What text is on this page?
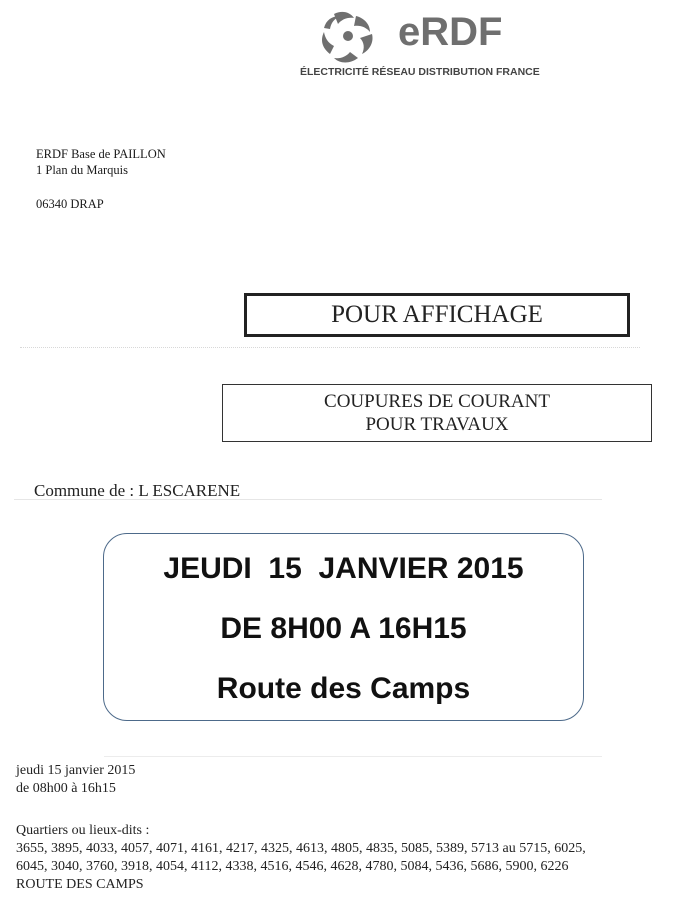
eRDF
ÉLECTRICITÉ RÉSEAU DISTRIBUTION FRANCE
ERDF Base de PAILLON
1 Plan du Marquis
06340 DRAP
POUR AFFICHAGE
COUPURES DE COURANT
POUR TRAVAUX
Commune de : L ESCARENE
JEUDI  15  JANVIER 2015
DE 8H00 A 16H15
Route des Camps
jeudi 15 janvier 2015
de 08h00 à 16h15
Quartiers ou lieux-dits :
3655, 3895, 4033, 4057, 4071, 4161, 4217, 4325, 4613, 4805, 4835, 5085, 5389, 5713 au 5715, 6025,
6045, 3040, 3760, 3918, 4054, 4112, 4338, 4516, 4546, 4628, 4780, 5084, 5436, 5686, 5900, 6226
ROUTE DES CAMPS
